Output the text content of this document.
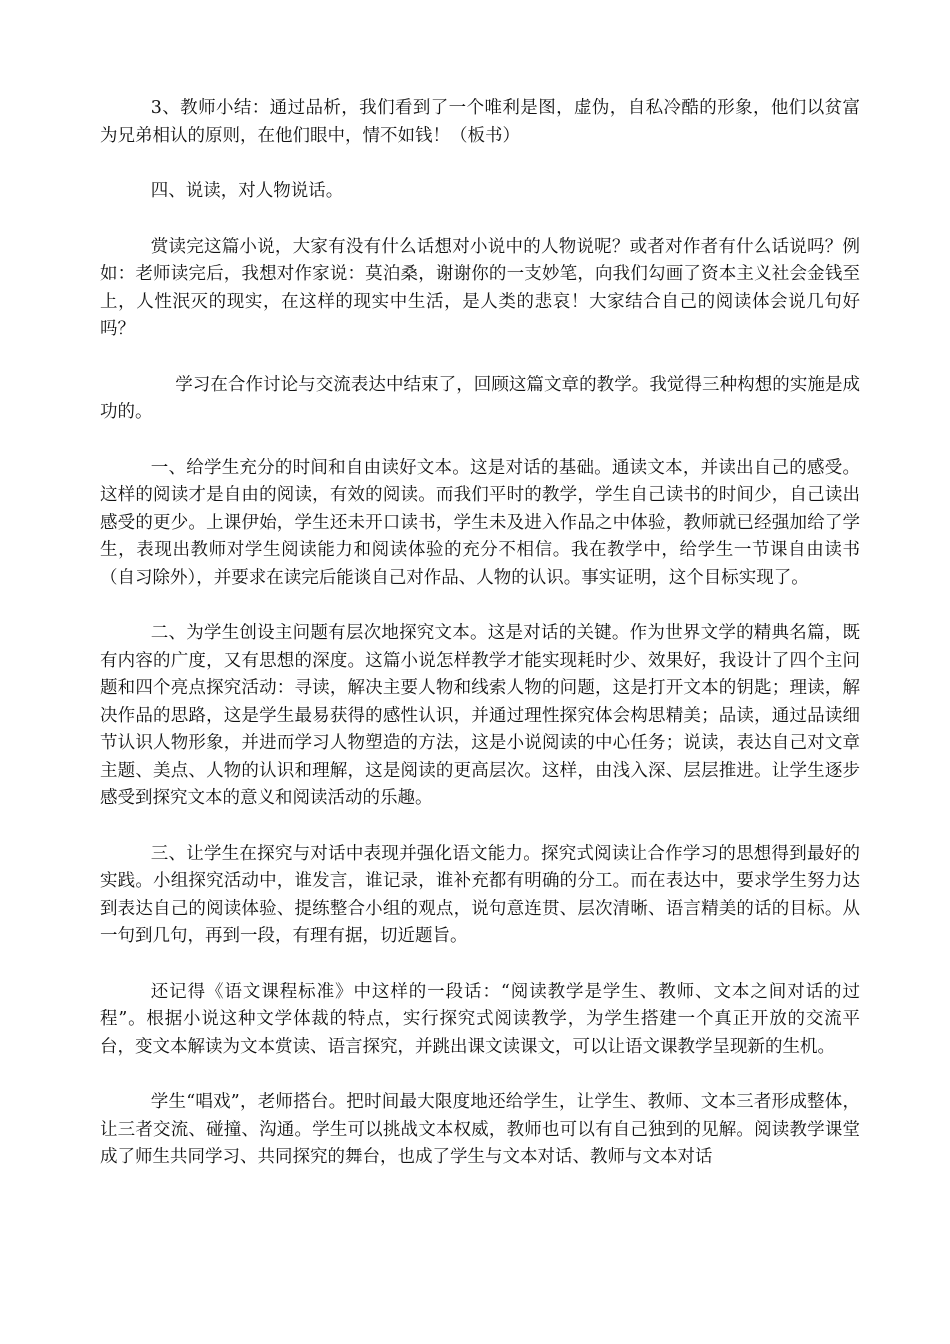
3、教师小结：通过品析，我们看到了一个唯利是图，虚伪，自私冷酷的形象，他们以贫富为兄弟相认的原则，在他们眼中，情不如钱！（板书）

四、说读，对人物说话。

赏读完这篇小说，大家有没有什么话想对小说中的人物说呢？或者对作者有什么话说吗？例如：老师读完后，我想对作家说：莫泊桑，谢谢你的一支妙笔，向我们勾画了资本主义社会金钱至上，人性泯灭的现实，在这样的现实中生活，是人类的悲哀！大家结合自己的阅读体会说几句好吗？

学习在合作讨论与交流表达中结束了，回顾这篇文章的教学。我觉得三种构想的实施是成功的。

一、给学生充分的时间和自由读好文本。这是对话的基础。通读文本，并读出自己的感受。这样的阅读才是自由的阅读，有效的阅读。而我们平时的教学，学生自己读书的时间少，自己读出感受的更少。上课伊始，学生还未开口读书，学生未及进入作品之中体验，教师就已经强加给了学生，表现出教师对学生阅读能力和阅读体验的充分不相信。我在教学中，给学生一节课自由读书（自习除外），并要求在读完后能谈自己对作品、人物的认识。事实证明，这个目标实现了。

二、为学生创设主问题有层次地探究文本。这是对话的关键。作为世界文学的精典名篇，既有内容的广度，又有思想的深度。这篇小说怎样教学才能实现耗时少、效果好，我设计了四个主问题和四个亮点探究活动：寻读，解决主要人物和线索人物的问题，这是打开文本的钥匙；理读，解决作品的思路，这是学生最易获得的感性认识，并通过理性探究体会构思精美；品读，通过品读细节认识人物形象，并进而学习人物塑造的方法，这是小说阅读的中心任务；说读，表达自己对文章主题、美点、人物的认识和理解，这是阅读的更高层次。这样，由浅入深、层层推进。让学生逐步感受到探究文本的意义和阅读活动的乐趣。

三、让学生在探究与对话中表现并强化语文能力。探究式阅读让合作学习的思想得到最好的实践。小组探究活动中，谁发言，谁记录，谁补充都有明确的分工。而在表达中，要求学生努力达到表达自己的阅读体验、提练整合小组的观点，说句意连贯、层次清晰、语言精美的话的目标。从一句到几句，再到一段，有理有据，切近题旨。

还记得《语文课程标准》中这样的一段话：“阅读教学是学生、教师、文本之间对话的过程”。根据小说这种文学体裁的特点，实行探究式阅读教学，为学生搭建一个真正开放的交流平台，变文本解读为文本赏读、语言探究，并跳出课文读课文，可以让语文课教学呈现新的生机。

学生“唱戏”，老师搭台。把时间最大限度地还给学生，让学生、教师、文本三者形成整体，让三者交流、碰撞、沟通。学生可以挑战文本权威，教师也可以有自己独到的见解。阅读教学课堂成了师生共同学习、共同探究的舞台，也成了学生与文本对话、教师与文本对话
